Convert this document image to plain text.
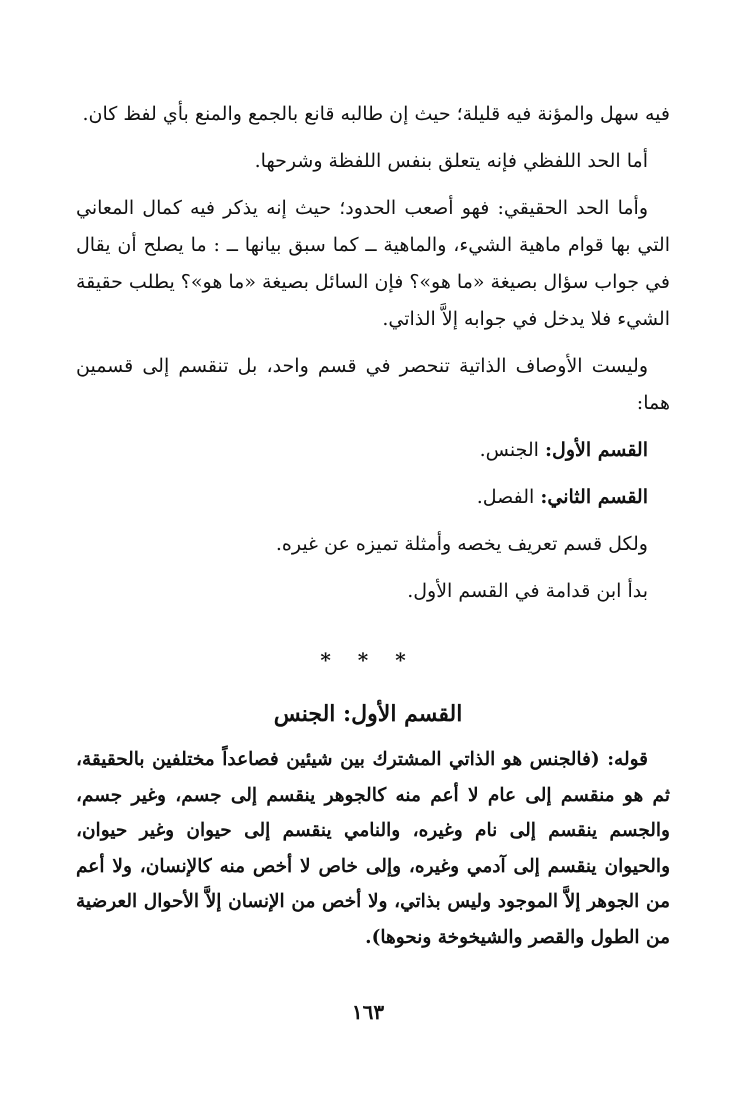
فيه سهل والمؤنة فيه قليلة؛ حيث إن طالبه قانع بالجمع والمنع بأي لفظ كان.

أما الحد اللفظي فإنه يتعلق بنفس اللفظة وشرحها.

وأما الحد الحقيقي: فهو أصعب الحدود؛ حيث إنه يذكر فيه كمال المعاني التي بها قوام ماهية الشيء، والماهية ــ كما سبق بيانها ــ : ما يصلح أن يقال في جواب سؤال بصيغة «ما هو»؟ فإن السائل بصيغة «ما هو»؟ يطلب حقيقة الشيء فلا يدخل في جوابه إلاَّ الذاتي.

وليست الأوصاف الذاتية تنحصر في قسم واحد، بل تنقسم إلى قسمين هما:

القسم الأول: الجنس.

القسم الثاني: الفصل.

ولكل قسم تعريف يخصه وأمثلة تميزه عن غيره.

بدأ ابن قدامة في القسم الأول.

* * *
القسم الأول: الجنس

قوله: (فالجنس هو الذاتي المشترك بين شيئين فصاعداً مختلفين بالحقيقة، ثم هو منقسم إلى عام لا أعم منه كالجوهر ينقسم إلى جسم، وغير جسم، والجسم ينقسم إلى نام وغيره، والنامي ينقسم إلى حيوان وغير حيوان، والحيوان ينقسم إلى آدمي وغيره، وإلى خاص لا أخص منه كالإنسان، ولا أعم من الجوهر إلاَّ الموجود وليس بذاتي، ولا أخص من الإنسان إلاَّ الأحوال العرضية من الطول والقصر والشيخوخة ونحوها).

١٦٣
